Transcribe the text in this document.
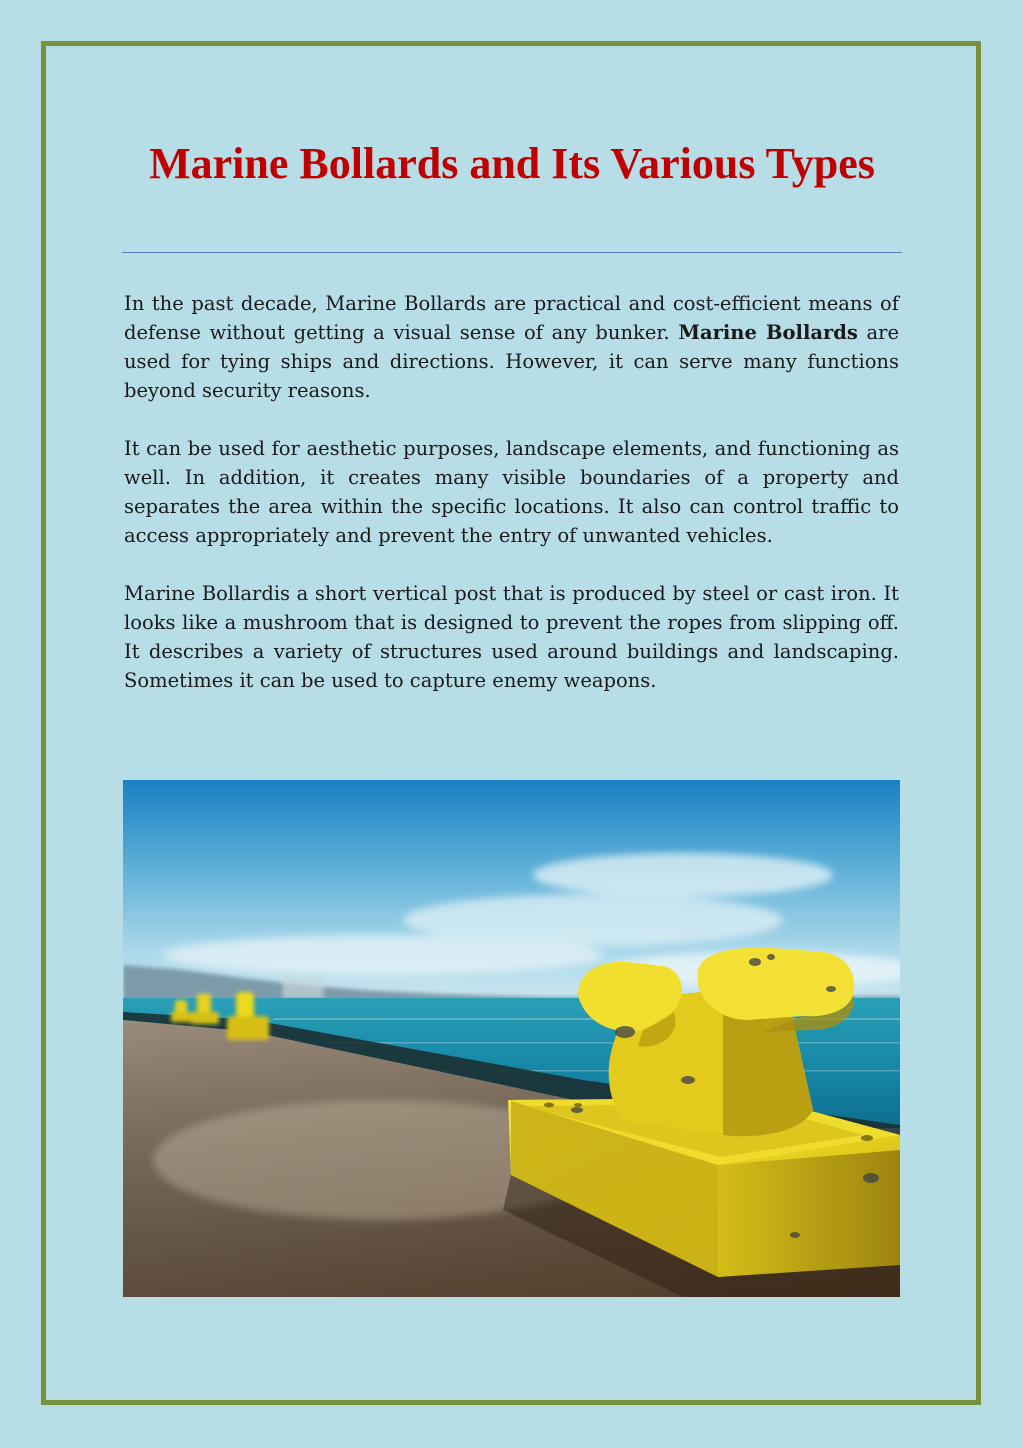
Marine Bollards and Its Various Types

In the past decade, Marine Bollards are practical and cost-efficient means of defense without getting a visual sense of any bunker. Marine Bollards are used for tying ships and directions. However, it can serve many functions beyond security reasons.

It can be used for aesthetic purposes, landscape elements, and functioning as well. In addition, it creates many visible boundaries of a property and separates the area within the specific locations. It also can control traffic to access appropriately and prevent the entry of unwanted vehicles.

Marine Bollardis a short vertical post that is produced by steel or cast iron. It looks like a mushroom that is designed to prevent the ropes from slipping off. It describes a variety of structures used around buildings and landscaping. Sometimes it can be used to capture enemy weapons.
